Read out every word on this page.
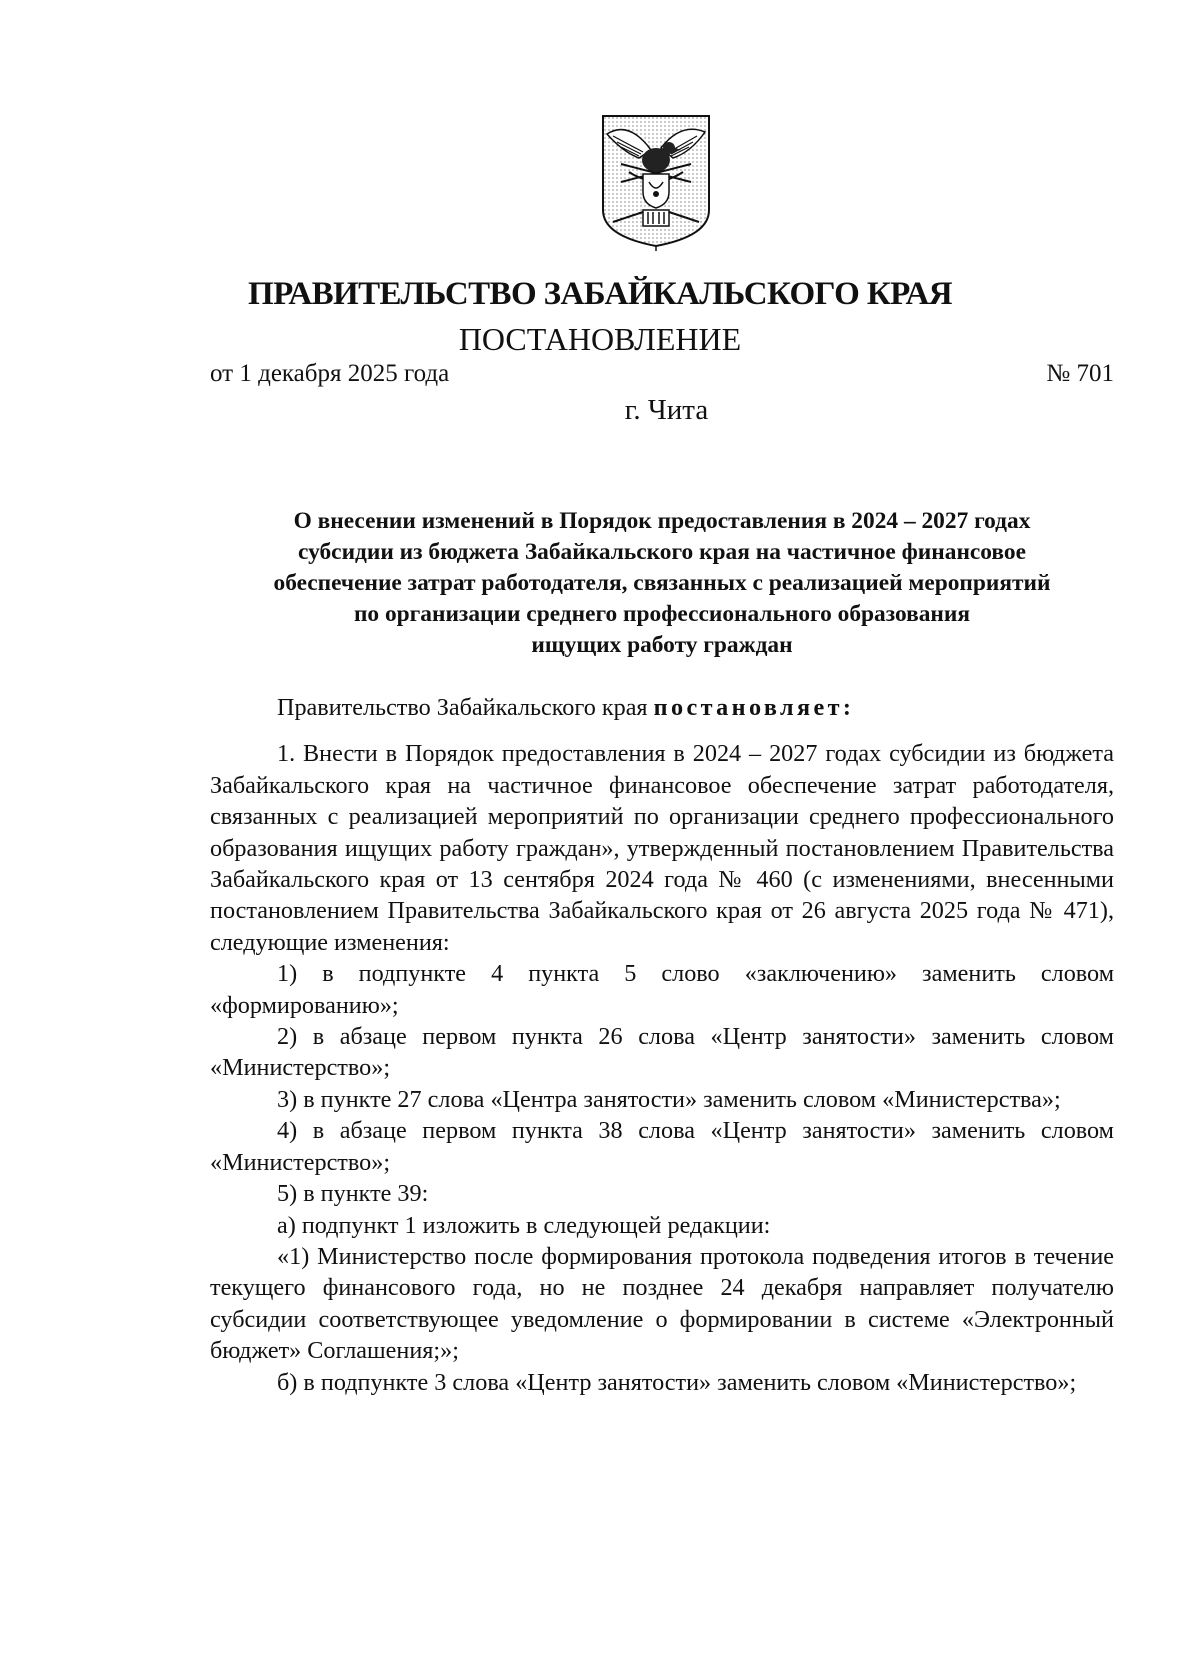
ПРАВИТЕЛЬСТВО ЗАБАЙКАЛЬСКОГО КРАЯ
ПОСТАНОВЛЕНИЕ
от 1 декабря 2025 года	№ 701
г. Чита
О внесении изменений в Порядок предоставления в 2024 – 2027 годах
субсидии из бюджета Забайкальского края на частичное финансовое
обеспечение затрат работодателя, связанных с реализацией мероприятий
по организации среднего профессионального образования
ищущих работу граждан

Правительство Забайкальского края постановляет:

1. Внести в Порядок предоставления в 2024 – 2027 годах субсидии из бюджета Забайкальского края на частичное финансовое обеспечение затрат работодателя, связанных с реализацией мероприятий по организации среднего профессионального образования ищущих работу граждан», утвержденный постановлением Правительства Забайкальского края от 13 сентября 2024 года № 460 (с изменениями, внесенными постановлением Правительства Забайкальского края от 26 августа 2025 года № 471), следующие изменения:

1) в подпункте 4 пункта 5 слово «заключению» заменить словом «формированию»;

2) в абзаце первом пункта 26 слова «Центр занятости» заменить словом «Министерство»;

3) в пункте 27 слова «Центра занятости» заменить словом «Министерства»;

4) в абзаце первом пункта 38 слова «Центр занятости» заменить словом «Министерство»;

5) в пункте 39:

а) подпункт 1 изложить в следующей редакции:

«1) Министерство после формирования протокола подведения итогов в течение текущего финансового года, но не позднее 24 декабря направляет получателю субсидии соответствующее уведомление о формировании в системе «Электронный бюджет» Соглашения;»;

б) в подпункте 3 слова «Центр занятости» заменить словом «Министерство»;
